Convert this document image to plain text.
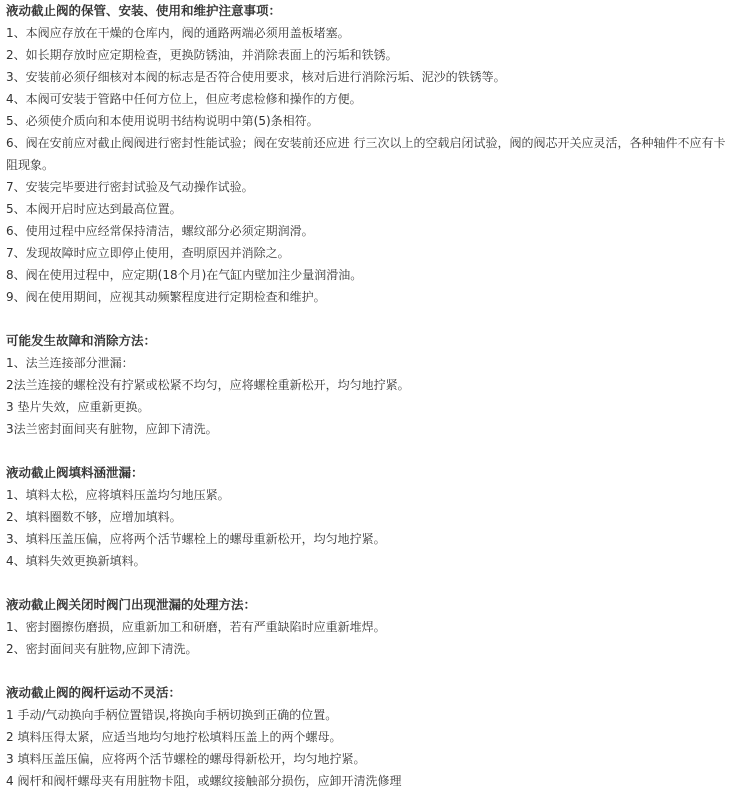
液动截止阀的保管、安装、使用和维护注意事项：
1、本阀应存放在干燥的仓库内，阀的通路两端必须用盖板堵塞。
2、如长期存放时应定期检查，更换防锈油，并消除表面上的污垢和铁锈。
3、安装前必须仔细核对本阀的标志是否符合使用要求，核对后进行消除污垢、泥沙的铁锈等。
4、本阀可安装于管路中任何方位上，但应考虑检修和操作的方便。
5、必须使介质向和本使用说明书结构说明中第(5)条相符。
6、阀在安前应对截止阀阀进行密封性能试验；阀在安装前还应进 行三次以上的空载启闭试验，阀的阀芯开关应灵活，各种轴件不应有卡阻现象。
7、安装完毕要进行密封试验及气动操作试验。
5、本阀开启时应达到最高位置。
6、使用过程中应经常保持清洁，螺纹部分必须定期润滑。
7、发现故障时应立即停止使用，查明原因并消除之。
8、阀在使用过程中，应定期(18个月)在气缸内壁加注少量润滑油。
9、阀在使用期间，应视其动频繁程度进行定期检查和维护。
可能发生故障和消除方法：
1、法兰连接部分泄漏：
2法兰连接的螺栓没有拧紧或松紧不均匀，应将螺栓重新松开，均匀地拧紧。
3 垫片失效，应重新更换。
3法兰密封面间夹有脏物，应卸下清洗。
液动截止阀填料涵泄漏：
1、填料太松，应将填料压盖均匀地压紧。
2、填料圈数不够，应增加填料。
3、填料压盖压偏，应将两个活节螺栓上的螺母重新松开，均匀地拧紧。
4、填料失效更换新填料。
液动截止阀关闭时阀门出现泄漏的处理方法：
1、密封圈擦伤磨损，应重新加工和研磨，若有严重缺陷时应重新堆焊。
2、密封面间夹有脏物,应卸下清洗。
液动截止阀的阀杆运动不灵活：
1 手动/气动换向手柄位置错误,将换向手柄切换到正确的位置。
2 填料压得太紧，应适当地均匀地拧松填料压盖上的两个螺母。
3 填料压盖压偏，应将两个活节螺栓的螺母得新松开，均匀地拧紧。
4 阀杆和阀杆螺母夹有用脏物卡阻，或螺纹接触部分损伤，应卸开清洗修理
